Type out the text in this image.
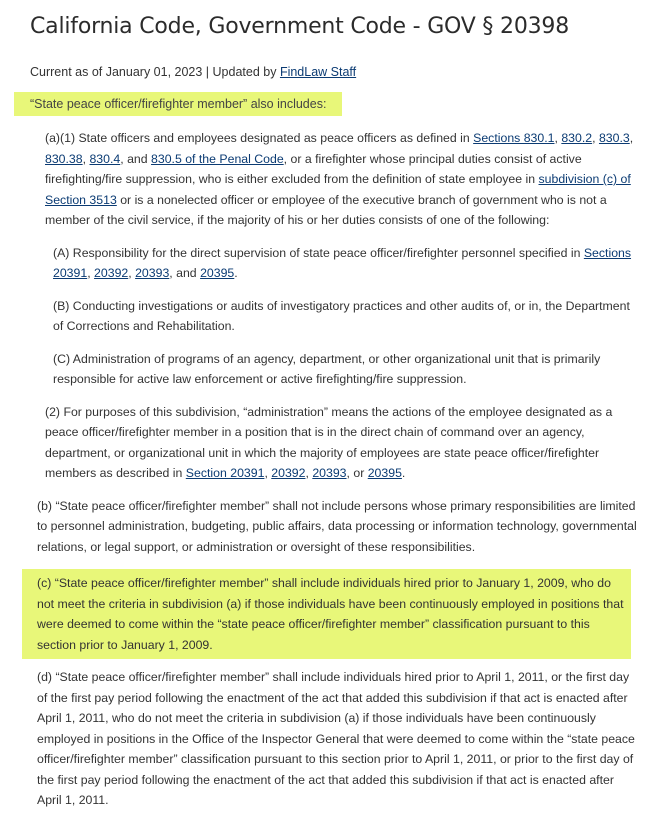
California Code, Government Code - GOV § 20398
Current as of January 01, 2023 | Updated by FindLaw Staff
“State peace officer/firefighter member” also includes:
(a)(1) State officers and employees designated as peace officers as defined in Sections 830.1, 830.2, 830.3, 830.38, 830.4, and 830.5 of the Penal Code, or a firefighter whose principal duties consist of active firefighting/fire suppression, who is either excluded from the definition of state employee in subdivision (c) of Section 3513 or is a nonelected officer or employee of the executive branch of government who is not a member of the civil service, if the majority of his or her duties consists of one of the following:
(A) Responsibility for the direct supervision of state peace officer/firefighter personnel specified in Sections 20391, 20392, 20393, and 20395.
(B) Conducting investigations or audits of investigatory practices and other audits of, or in, the Department of Corrections and Rehabilitation.
(C) Administration of programs of an agency, department, or other organizational unit that is primarily responsible for active law enforcement or active firefighting/fire suppression.
(2) For purposes of this subdivision, “administration” means the actions of the employee designated as a peace officer/firefighter member in a position that is in the direct chain of command over an agency, department, or organizational unit in which the majority of employees are state peace officer/firefighter members as described in Section 20391, 20392, 20393, or 20395.
(b) “State peace officer/firefighter member” shall not include persons whose primary responsibilities are limited to personnel administration, budgeting, public affairs, data processing or information technology, governmental relations, or legal support, or administration or oversight of these responsibilities.
(c) “State peace officer/firefighter member” shall include individuals hired prior to January 1, 2009, who do not meet the criteria in subdivision (a) if those individuals have been continuously employed in positions that were deemed to come within the “state peace officer/firefighter member” classification pursuant to this section prior to January 1, 2009.
(d) “State peace officer/firefighter member” shall include individuals hired prior to April 1, 2011, or the first day of the first pay period following the enactment of the act that added this subdivision if that act is enacted after April 1, 2011, who do not meet the criteria in subdivision (a) if those individuals have been continuously employed in positions in the Office of the Inspector General that were deemed to come within the “state peace officer/firefighter member” classification pursuant to this section prior to April 1, 2011, or prior to the first day of the first pay period following the enactment of the act that added this subdivision if that act is enacted after April 1, 2011.
